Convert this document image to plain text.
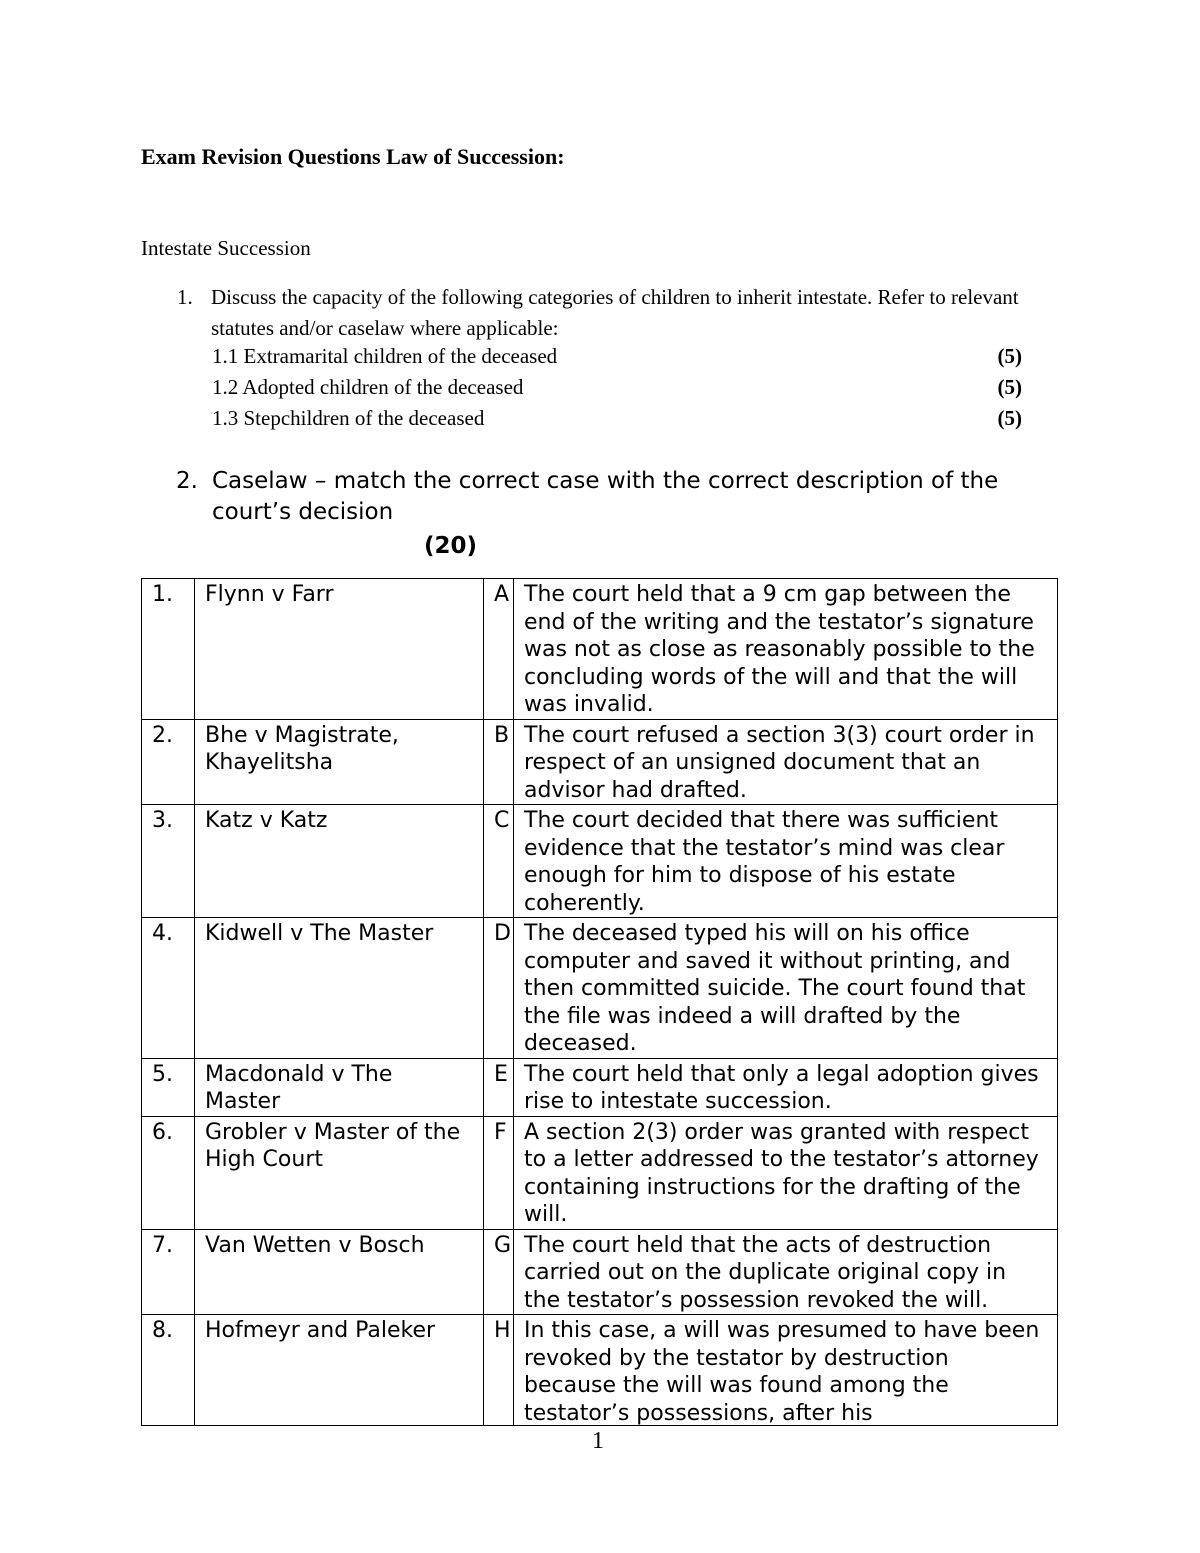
Exam Revision Questions Law of Succession:
Intestate Succession
1. Discuss the capacity of the following categories of children to inherit intestate. Refer to relevant statutes and/or caselaw where applicable:
1.1 Extramarital children of the deceased	(5)
1.2 Adopted children of the deceased	(5)
1.3 Stepchildren of the deceased	(5)
2. Caselaw – match the correct case with the correct description of the court’s decision
(20)
1.	Flynn v Farr	A	The court held that a 9 cm gap between the end of the writing and the testator’s signature was not as close as reasonably possible to the concluding words of the will and that the will was invalid.
2.	Bhe v Magistrate, Khayelitsha	B	The court refused a section 3(3) court order in respect of an unsigned document that an advisor had drafted.
3.	Katz v Katz	C	The court decided that there was sufficient evidence that the testator’s mind was clear enough for him to dispose of his estate coherently.
4.	Kidwell v The Master	D	The deceased typed his will on his office computer and saved it without printing, and then committed suicide. The court found that the file was indeed a will drafted by the deceased.
5.	Macdonald v The Master	E	The court held that only a legal adoption gives rise to intestate succession.
6.	Grobler v Master of the High Court	F	A section 2(3) order was granted with respect to a letter addressed to the testator’s attorney containing instructions for the drafting of the will.
7.	Van Wetten v Bosch	G	The court held that the acts of destruction carried out on the duplicate original copy in the testator’s possession revoked the will.
8.	Hofmeyr and Paleker	H	In this case, a will was presumed to have been revoked by the testator by destruction because the will was found among the testator’s possessions, after his
1
